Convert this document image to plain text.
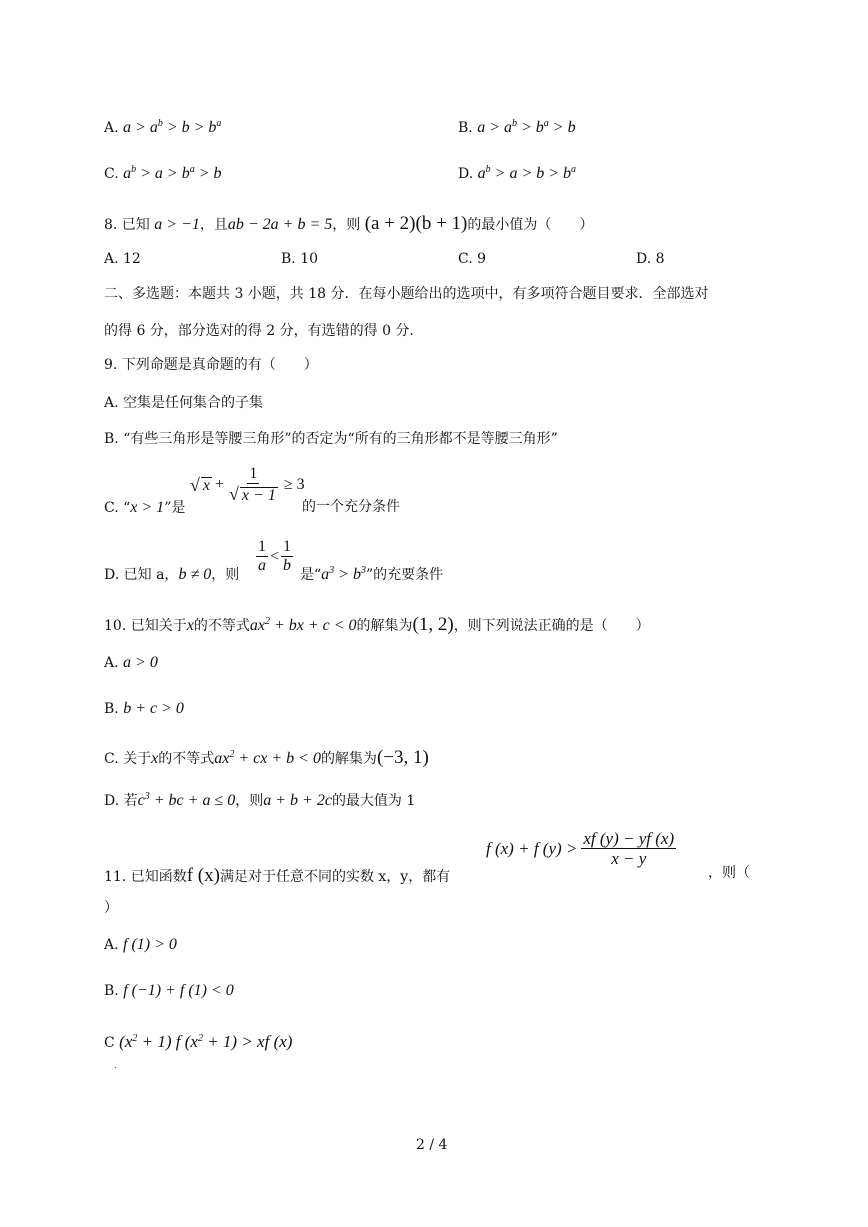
A. $a > a^b > b > b^a$	B. $a > a^b > b^a > b$
C. $a^b > a > b^a > b$	D. $a^b > a > b > b^a$
8. 已知 a > −1，且ab − 2a + b = 5，则 (a + 2)(b + 1)的最小值为（　　）
A. 12	B. 10	C. 9	D. 8
二、多选题：本题共 3 小题，共 18 分．在每小题给出的选项中，有多项符合题目要求．全部选对
的得 6 分，部分选对的得 2 分，有选错的得 0 分．
9. 下列命题是真命题的有（　　）
A. 空集是任何集合的子集
B. “有些三角形是等腰三角形”的否定为“所有的三角形都不是等腰三角形”
C. “x > 1”是
√ $x + \frac{1}{√ x - 1} \ge 3$
的一个充分条件
D. 已知 a，b ≠ 0，则
$\frac{1}{a} < \frac{1}{b}$
是“$a^3 > b^3$”的充要条件
10. 已知关于x的不等式$ax^2$ + bx + c < 0的解集为(1, 2)，则下列说法正确的是（　　）
A. a > 0
B. b + c > 0
C. 关于x的不等式$ax^2$ + cx + b < 0的解集为(−3, 1)
D. 若$c^3$ + bc + a ≤ 0，则a + b + 2c的最大值为 1
11. 已知函数f (x)满足对于任意不同的实数 x，y，都有
f (x) + f $(y) > \frac{xf (y) - yf (x)}{x - y}$
，则（
）
A. f (1) > 0
B. f (−1) + f (1) < 0
C $(x^2 + 1)$ f $(x^2 + 1)$ > xf (x)
.
2 / 4
